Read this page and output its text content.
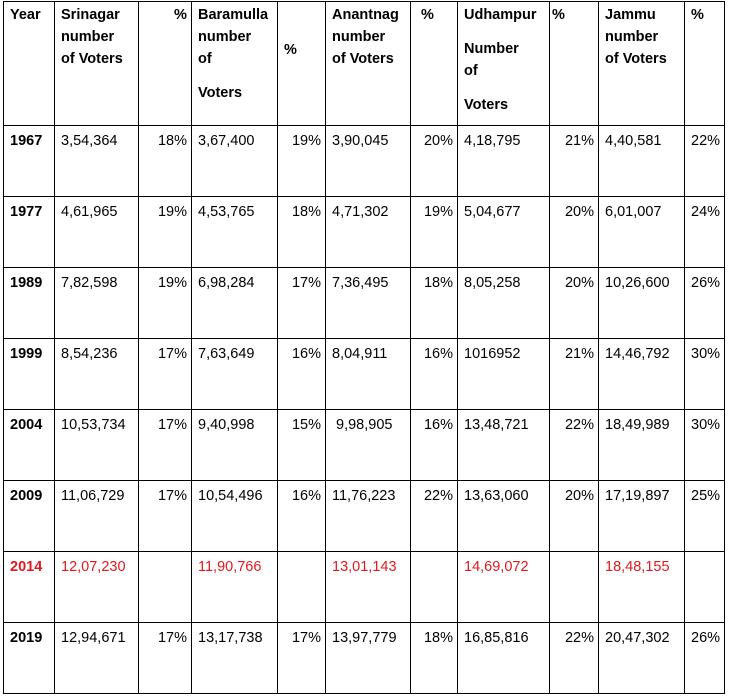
Year	Srinagar
number
of Voters	%	Baramulla
number
of
Voters	%	Anantnag
number
of Voters	%	Udhampur
Number
of
Voters	%	Jammu
number
of Voters	%
1967	3,54,364	18%	3,67,400	19%	3,90,045	20%	4,18,795	21%	4,40,581	22%
1977	4,61,965	19%	4,53,765	18%	4,71,302	19%	5,04,677	20%	6,01,007	24%
1989	7,82,598	19%	6,98,284	17%	7,36,495	18%	8,05,258	20%	10,26,600	26%
1999	8,54,236	17%	7,63,649	16%	8,04,911	16%	1016952	21%	14,46,792	30%
2004	10,53,734	17%	9,40,998	15%	9,98,905	16%	13,48,721	22%	18,49,989	30%
2009	11,06,729	17%	10,54,496	16%	11,76,223	22%	13,63,060	20%	17,19,897	25%
2014	12,07,230		11,90,766		13,01,143		14,69,072		18,48,155	
2019	12,94,671	17%	13,17,738	17%	13,97,779	18%	16,85,816	22%	20,47,302	26%
